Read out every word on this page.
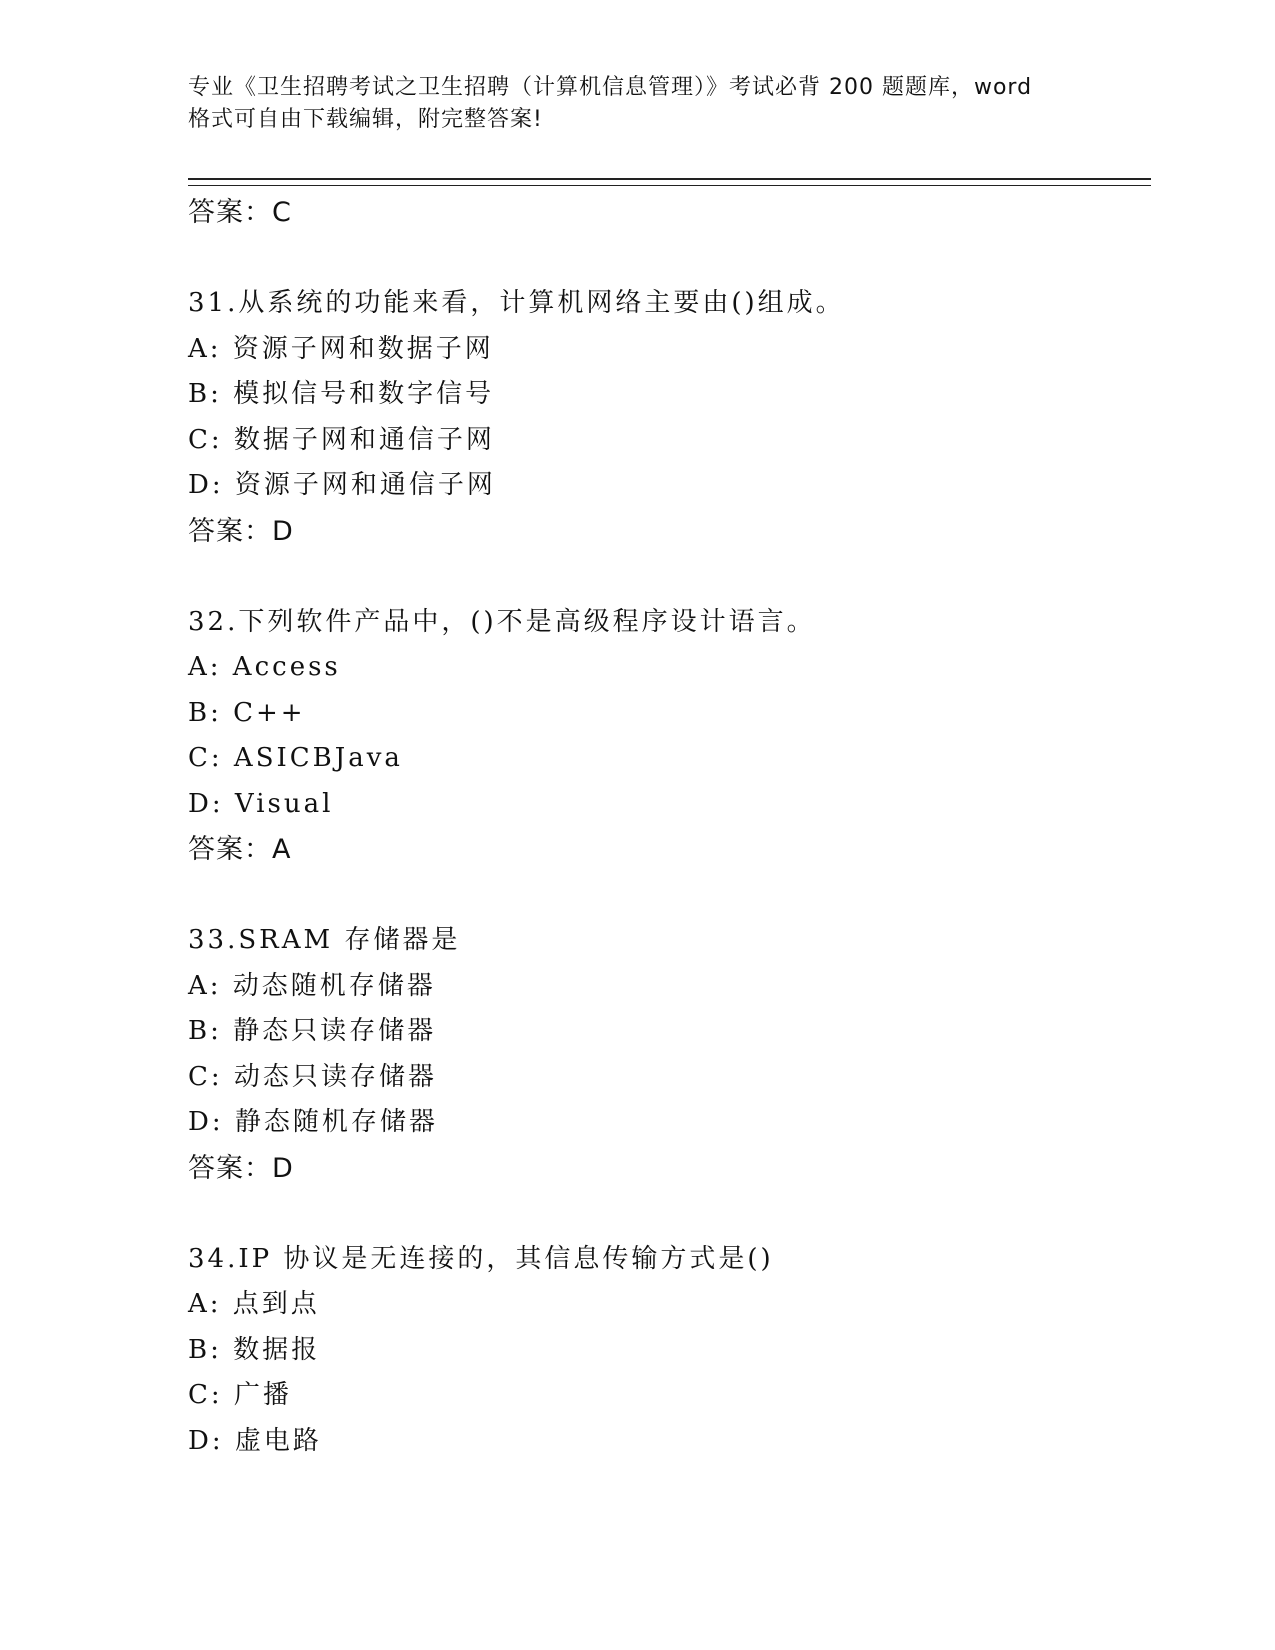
专业《卫生招聘考试之卫生招聘（计算机信息管理）》考试必背 200 题题库，word
格式可自由下载编辑，附完整答案!
答案：C
31.从系统的功能来看，计算机网络主要由()组成。
A: 资源子网和数据子网
B: 模拟信号和数字信号
C: 数据子网和通信子网
D: 资源子网和通信子网
答案：D
32.下列软件产品中，()不是高级程序设计语言。
A: Access
B: C++
C: ASICBJava
D: Visual
答案：A
33.SRAM 存储器是
A: 动态随机存储器
B: 静态只读存储器
C: 动态只读存储器
D: 静态随机存储器
答案：D
34.IP 协议是无连接的，其信息传输方式是()
A: 点到点
B: 数据报
C: 广播
D: 虚电路
